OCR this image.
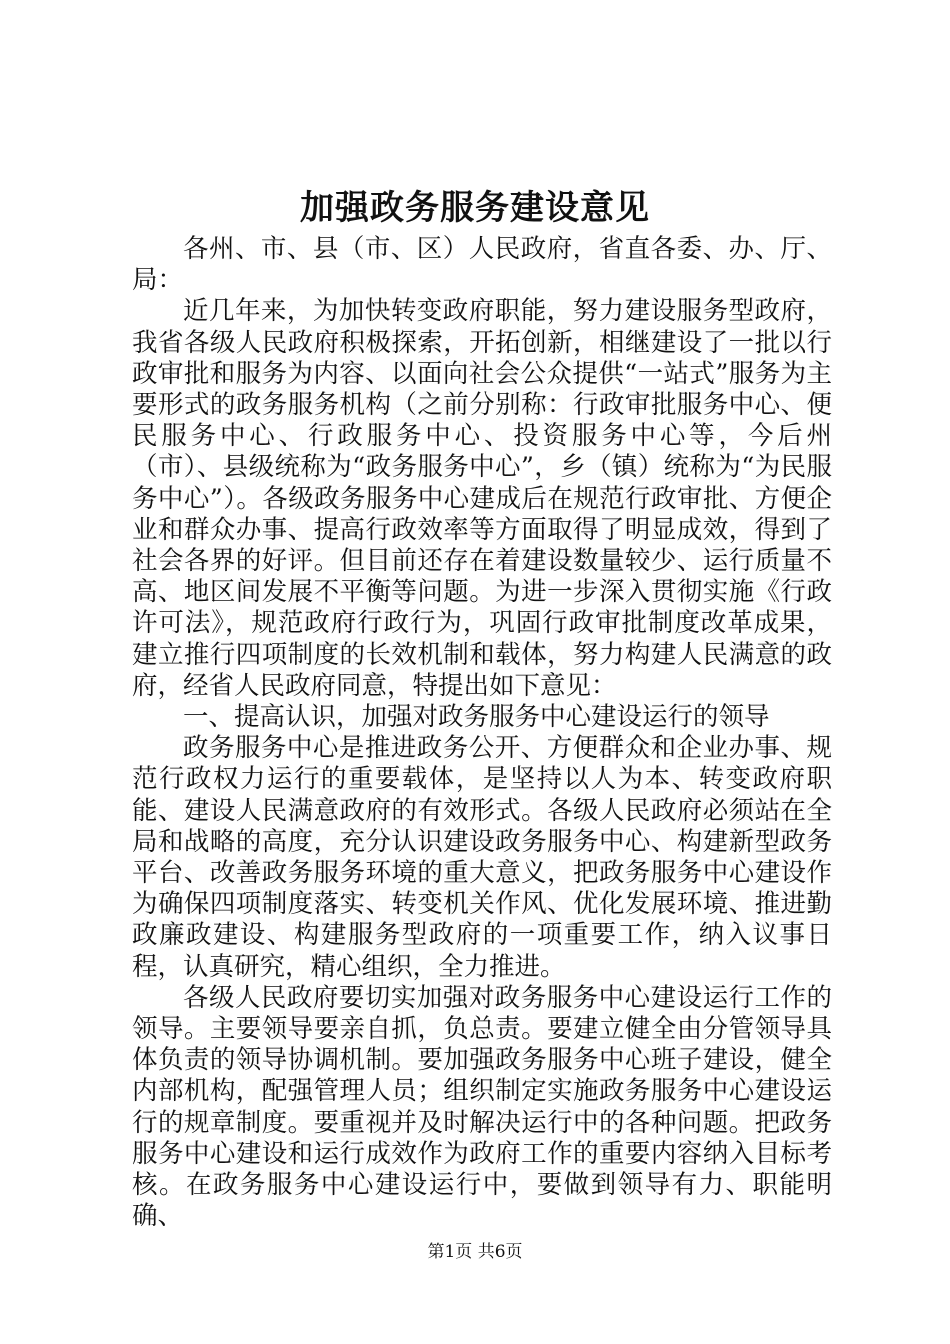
加强政务服务建设意见

各州、市、县（市、区）人民政府，省直各委、办、厅、局：

近几年来，为加快转变政府职能，努力建设服务型政府，我省各级人民政府积极探索，开拓创新，相继建设了一批以行政审批和服务为内容、以面向社会公众提供“一站式”服务为主要形式的政务服务机构（之前分别称：行政审批服务中心、便民服务中心、行政服务中心、投资服务中心等，今后州（市）、县级统称为“政务服务中心”，乡（镇）统称为“为民服务中心”）。各级政务服务中心建成后在规范行政审批、方便企业和群众办事、提高行政效率等方面取得了明显成效，得到了社会各界的好评。但目前还存在着建设数量较少、运行质量不高、地区间发展不平衡等问题。为进一步深入贯彻实施《行政许可法》，规范政府行政行为，巩固行政审批制度改革成果，建立推行四项制度的长效机制和载体，努力构建人民满意的政府，经省人民政府同意，特提出如下意见：

一、提高认识，加强对政务服务中心建设运行的领导

政务服务中心是推进政务公开、方便群众和企业办事、规范行政权力运行的重要载体，是坚持以人为本、转变政府职能、建设人民满意政府的有效形式。各级人民政府必须站在全局和战略的高度，充分认识建设政务服务中心、构建新型政务平台、改善政务服务环境的重大意义，把政务服务中心建设作为确保四项制度落实、转变机关作风、优化发展环境、推进勤政廉政建设、构建服务型政府的一项重要工作，纳入议事日程，认真研究，精心组织，全力推进。

各级人民政府要切实加强对政务服务中心建设运行工作的领导。主要领导要亲自抓，负总责。要建立健全由分管领导具体负责的领导协调机制。要加强政务服务中心班子建设，健全内部机构，配强管理人员；组织制定实施政务服务中心建设运行的规章制度。要重视并及时解决运行中的各种问题。把政务服务中心建设和运行成效作为政府工作的重要内容纳入目标考核。在政务服务中心建设运行中，要做到领导有力、职能明确、

第1页 共6页
